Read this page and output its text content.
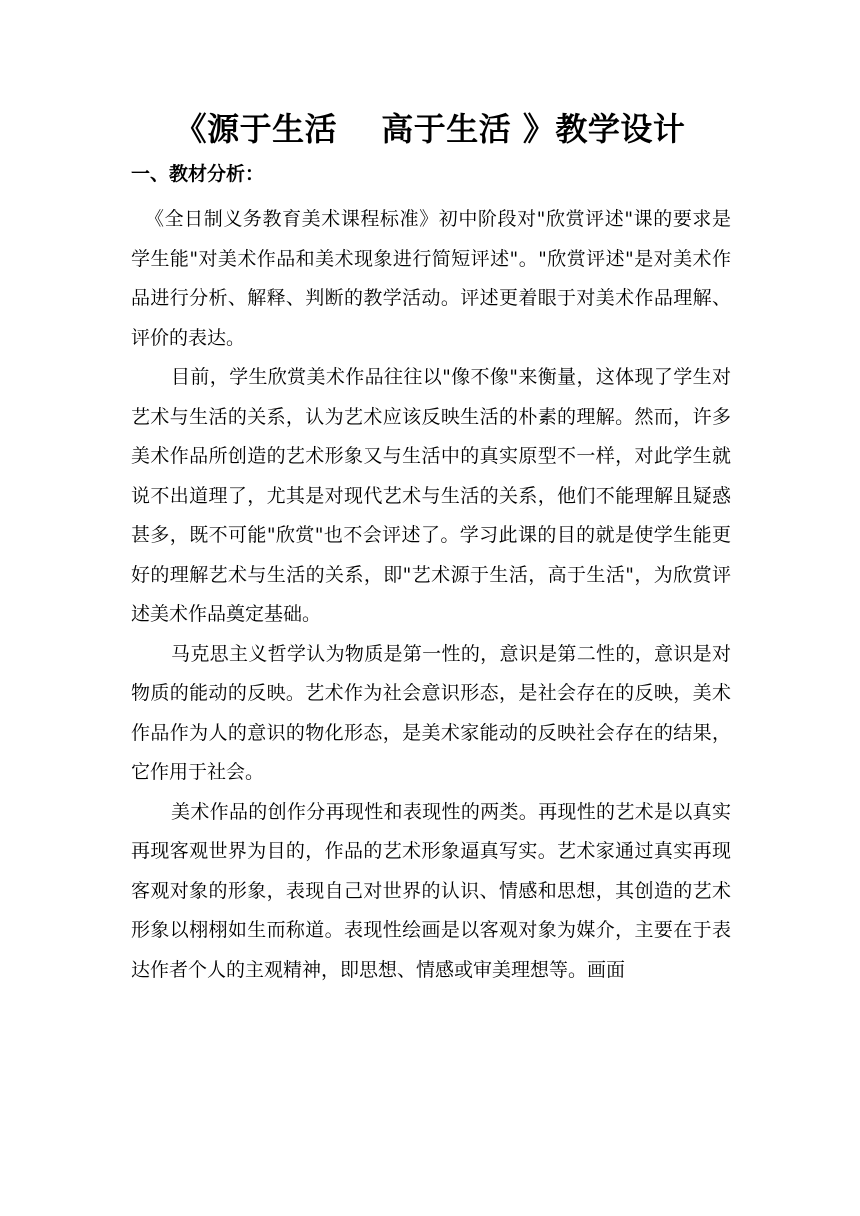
《源于生活　 高于生活 》教学设计
一、教材分析：

《全日制义务教育美术课程标准》初中阶段对"欣赏评述"课的要求是学生能"对美术作品和美术现象进行简短评述"。"欣赏评述"是对美术作品进行分析、解释、判断的教学活动。评述更着眼于对美术作品理解、评价的表达。

目前，学生欣赏美术作品往往以"像不像"来衡量，这体现了学生对艺术与生活的关系，认为艺术应该反映生活的朴素的理解。然而，许多美术作品所创造的艺术形象又与生活中的真实原型不一样，对此学生就说不出道理了，尤其是对现代艺术与生活的关系，他们不能理解且疑惑甚多，既不可能"欣赏"也不会评述了。学习此课的目的就是使学生能更好的理解艺术与生活的关系，即"艺术源于生活，高于生活"，为欣赏评述美术作品奠定基础。

马克思主义哲学认为物质是第一性的，意识是第二性的，意识是对物质的能动的反映。艺术作为社会意识形态，是社会存在的反映，美术作品作为人的意识的物化形态，是美术家能动的反映社会存在的结果，它作用于社会。

美术作品的创作分再现性和表现性的两类。再现性的艺术是以真实再现客观世界为目的，作品的艺术形象逼真写实。艺术家通过真实再现客观对象的形象，表现自己对世界的认识、情感和思想，其创造的艺术形象以栩栩如生而称道。表现性绘画是以客观对象为媒介，主要在于表达作者个人的主观精神，即思想、情感或审美理想等。画面
